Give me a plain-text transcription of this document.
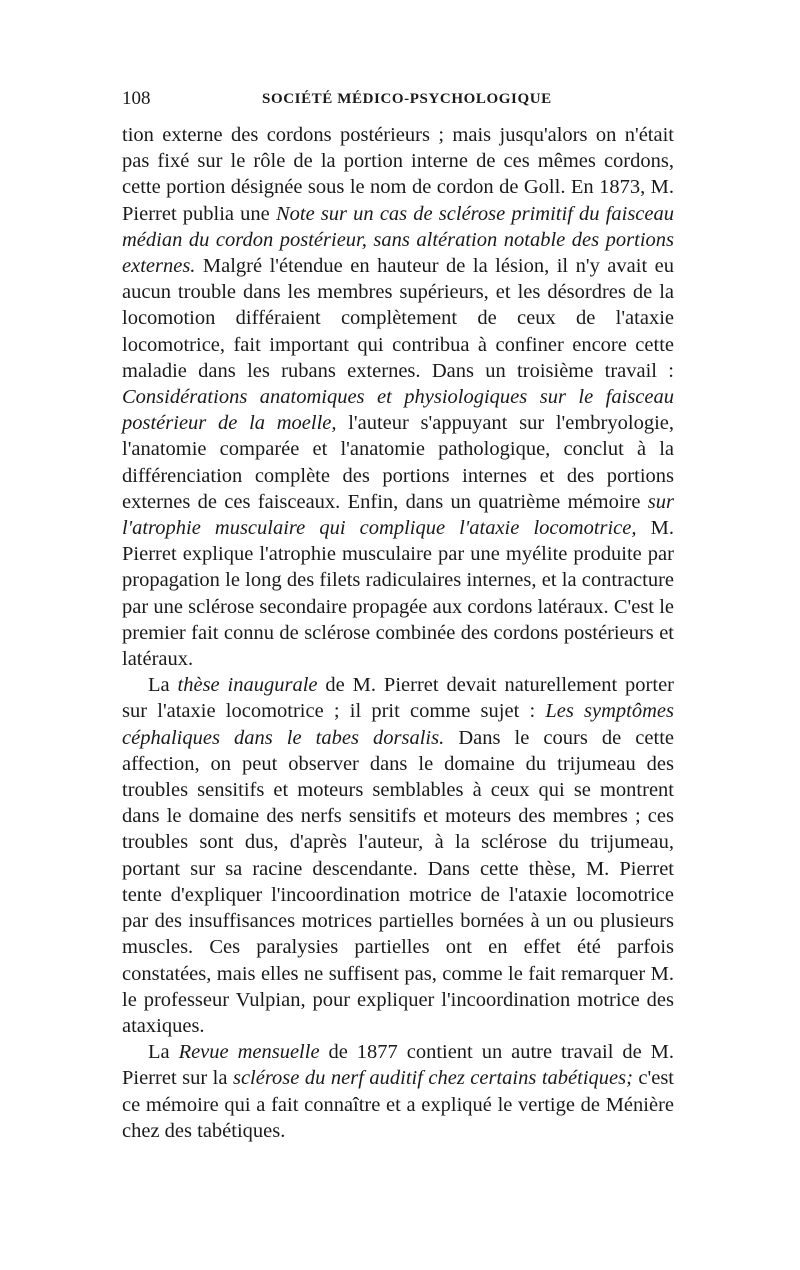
108	SOCIÉTÉ MÉDICO-PSYCHOLOGIQUE

tion externe des cordons postérieurs ; mais jusqu'alors on n'était pas fixé sur le rôle de la portion interne de ces mêmes cordons, cette portion désignée sous le nom de cordon de Goll. En 1873, M. Pierret publia une Note sur un cas de sclérose primitif du faisceau médian du cordon postérieur, sans altération notable des portions externes. Malgré l'étendue en hauteur de la lésion, il n'y avait eu aucun trouble dans les membres supérieurs, et les désordres de la locomotion différaient complètement de ceux de l'ataxie locomotrice, fait important qui contribua à confiner encore cette maladie dans les rubans externes. Dans un troisième travail : Considérations anatomiques et physiologiques sur le faisceau postérieur de la moelle, l'auteur s'appuyant sur l'embryologie, l'anatomie comparée et l'anatomie pathologique, conclut à la différenciation complète des portions internes et des portions externes de ces faisceaux. Enfin, dans un quatrième mémoire sur l'atrophie musculaire qui complique l'ataxie locomotrice, M. Pierret explique l'atrophie musculaire par une myélite produite par propagation le long des filets radiculaires internes, et la contracture par une sclérose secondaire propagée aux cordons latéraux. C'est le premier fait connu de sclérose combinée des cordons postérieurs et latéraux.

La thèse inaugurale de M. Pierret devait naturellement porter sur l'ataxie locomotrice ; il prit comme sujet : Les symptômes céphaliques dans le tabes dorsalis. Dans le cours de cette affection, on peut observer dans le domaine du trijumeau des troubles sensitifs et moteurs semblables à ceux qui se montrent dans le domaine des nerfs sensitifs et moteurs des membres ; ces troubles sont dus, d'après l'auteur, à la sclérose du trijumeau, portant sur sa racine descendante. Dans cette thèse, M. Pierret tente d'expliquer l'incoordination motrice de l'ataxie locomotrice par des insuffisances motrices partielles bornées à un ou plusieurs muscles. Ces paralysies partielles ont en effet été parfois constatées, mais elles ne suffisent pas, comme le fait remarquer M. le professeur Vulpian, pour expliquer l'incoordination motrice des ataxiques.

La Revue mensuelle de 1877 contient un autre travail de M. Pierret sur la sclérose du nerf auditif chez certains tabétiques; c'est ce mémoire qui a fait connaître et a expliqué le vertige de Ménière chez des tabétiques.
